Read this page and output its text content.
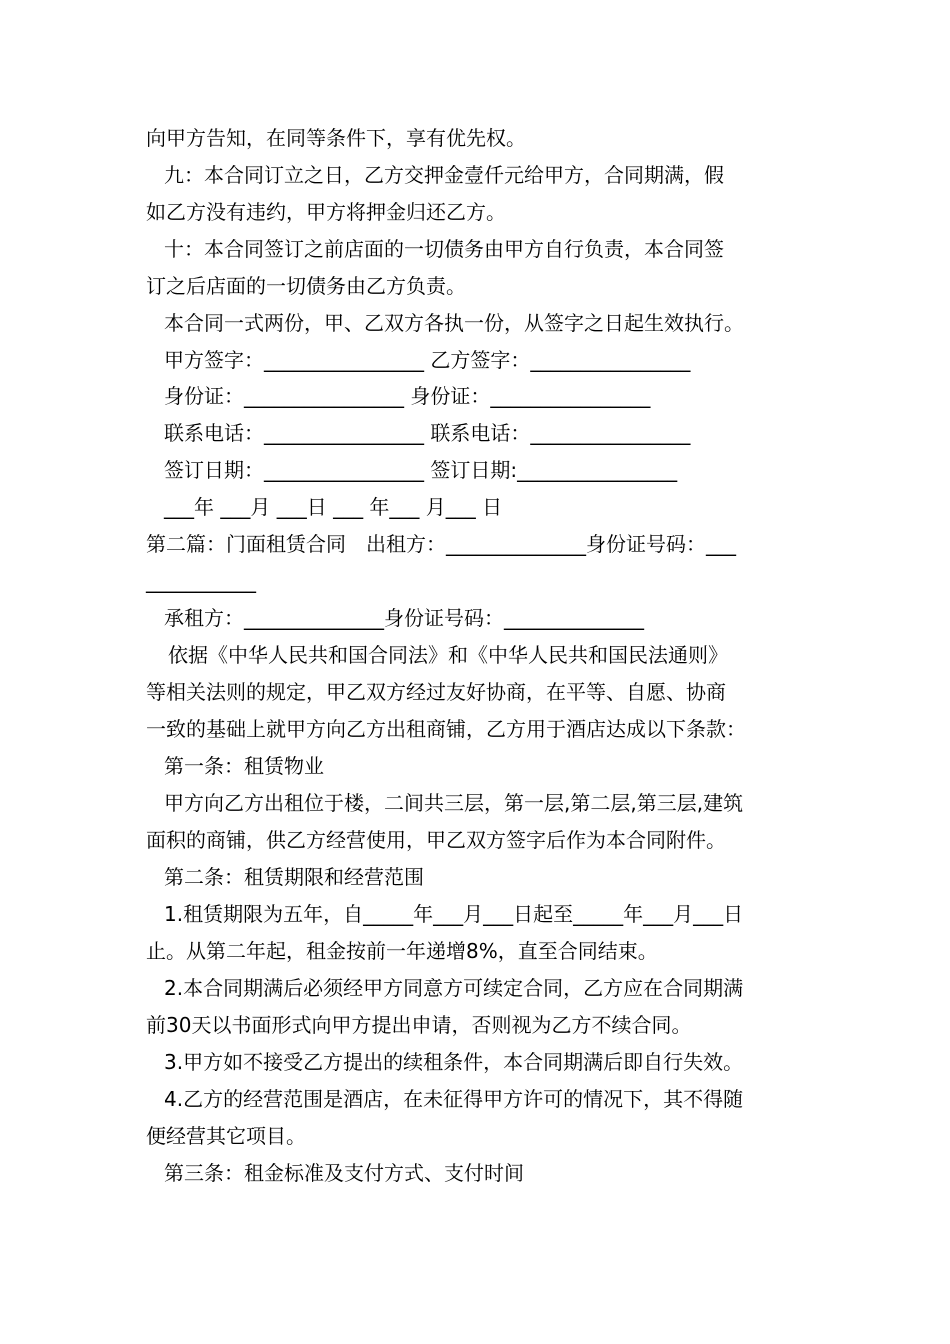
向甲方告知，在同等条件下，享有优先权。
九：本合同订立之日，乙方交押金壹仟元给甲方，合同期满，假
如乙方没有违约，甲方将押金归还乙方。
十：本合同签订之前店面的一切债务由甲方自行负责，本合同签
订之后店面的一切债务由乙方负责。
本合同一式两份，甲、乙双方各执一份，从签字之日起生效执行。
甲方签字：________________ 乙方签字：________________
身份证：________________ 身份证：________________
联系电话：________________ 联系电话：________________
签订日期：________________ 签订日期:________________
___年 ___月 ___日 ___ 年___ 月___ 日
第二篇：门面租赁合同　出租方：______________身份证号码：___
___________
承租方：______________身份证号码：______________
依据《中华人民共和国合同法》和《中华人民共和国民法通则》
等相关法则的规定，甲乙双方经过友好协商，在平等、自愿、协商
一致的基础上就甲方向乙方出租商铺，乙方用于酒店达成以下条款：
第一条：租赁物业
甲方向乙方出租位于楼，二间共三层，第一层,第二层,第三层,建筑
面积的商铺，供乙方经营使用，甲乙双方签字后作为本合同附件。
第二条：租赁期限和经营范围
1.租赁期限为五年，自_____年___月___日起至_____年___月___日
止。从第二年起，租金按前一年递增8%，直至合同结束。
2.本合同期满后必须经甲方同意方可续定合同，乙方应在合同期满
前30天以书面形式向甲方提出申请，否则视为乙方不续合同。
3.甲方如不接受乙方提出的续租条件，本合同期满后即自行失效。
4.乙方的经营范围是酒店，在未征得甲方许可的情况下，其不得随
便经营其它项目。
第三条：租金标准及支付方式、支付时间
